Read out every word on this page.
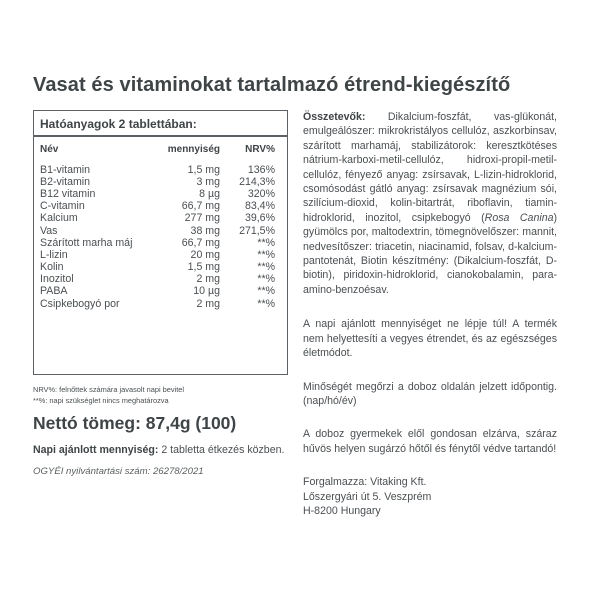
Vasat és vitaminokat tartalmazó étrend-kiegészítő
Hatóanyagok 2 tablettában:
Név	mennyiség	NRV%
B1-vitamin	1,5 mg	136%
B2-vitamin	3 mg	214,3%
B12 vitamin	8 µg	320%
C-vitamin	66,7 mg	83,4%
Kalcium	277 mg	39,6%
Vas	38 mg	271,5%
Szárított marha máj	66,7 mg	**%
L-lizin	20 mg	**%
Kolin	1,5 mg	**%
Inozitol	2 mg	**%
PABA	10 µg	**%
Csipkebogyó por	2 mg	**%
NRV%: felnőttek számára javasolt napi bevitel
**%: napi szükséglet nincs meghatározva
Nettó tömeg: 87,4g (100)
Napi ajánlott mennyiség: 2 tabletta étkezés közben.
OGYÉI nyilvántartási szám: 26278/2021

Összetevők: Dikalcium-foszfát, vas-glükonát, emulgeálószer: mikrokristályos cellulóz, aszkorbinsav, szárított marhamáj, stabilizátorok: keresztkötéses nátrium-karboxi-metil-cellulóz, hidroxi-propil-metil-cellulóz, fényező anyag: zsírsavak, L-lizin-hidroklorid, csomósodást gátló anyag: zsírsavak magnézium sói, szilícium-dioxid, kolin-bitartrát, riboflavin, tiamin-hidroklorid, inozitol, csipkebogyó (Rosa Canina) gyümölcs por, maltodextrin, tömegnövelőszer: mannit, nedvesítőszer: triacetin, niacinamid, folsav, d-kalcium-pantotenát, Biotin készítmény: (Dikalcium-foszfát, D-biotin), piridoxin-hidroklorid, cianokobalamin, para-amino-benzoésav.

A napi ajánlott mennyiséget ne lépje túl! A termék nem helyettesíti a vegyes étrendet, és az egészséges életmódot.

Minőségét megőrzi a doboz oldalán jelzett időpontig. (nap/hó/év)

A doboz gyermekek elől gondosan elzárva, száraz hűvös helyen sugárzó hőtől és fénytől védve tartandó!

Forgalmazza: Vitaking Kft.
Lőszergyári út 5. Veszprém
H-8200 Hungary
